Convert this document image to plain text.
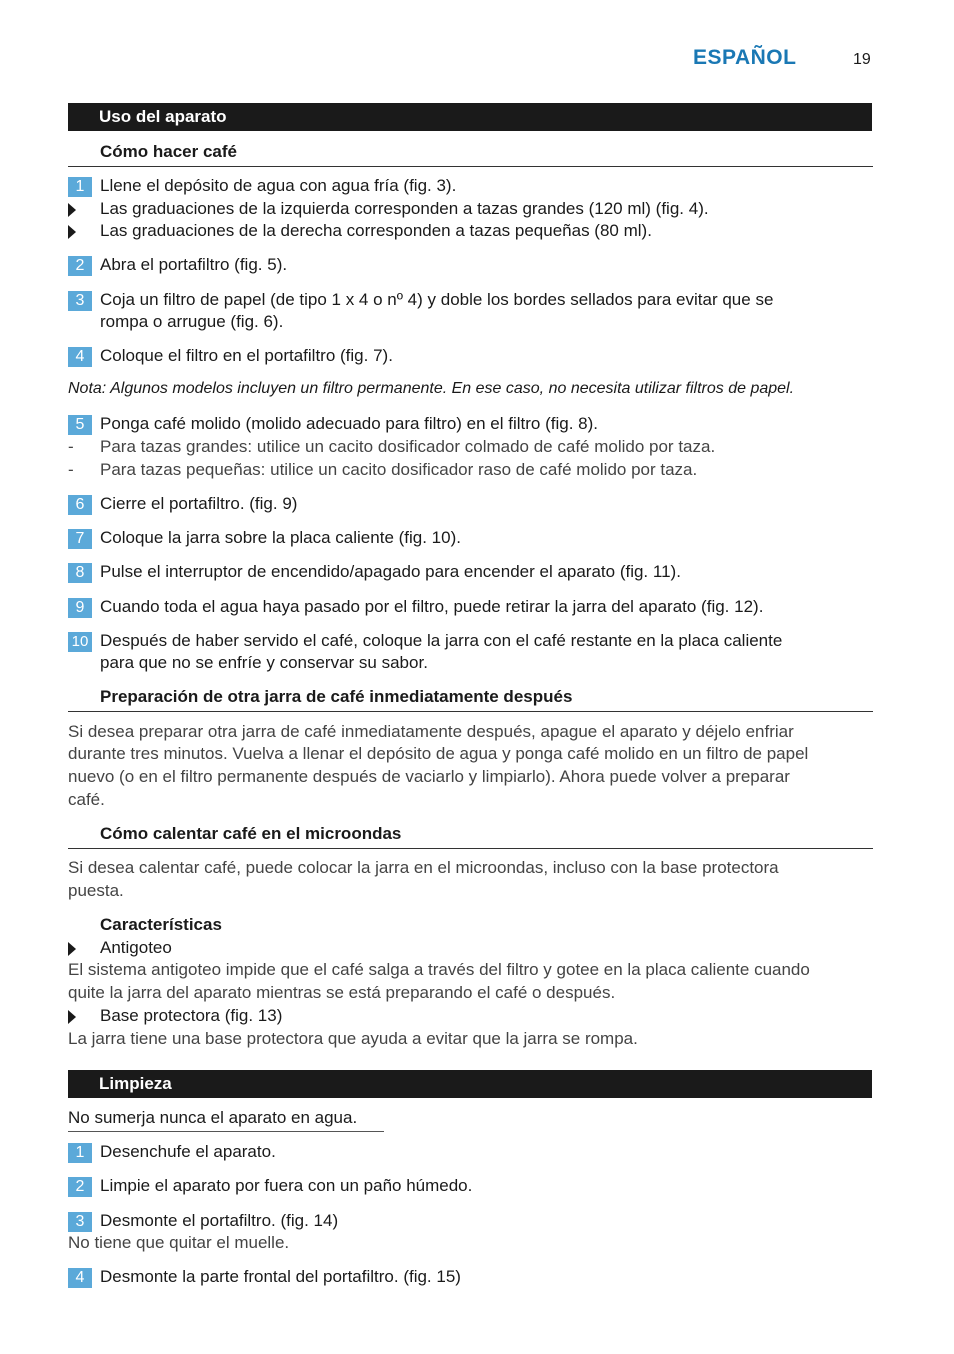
ESPAÑOL	19
Uso del aparato
Cómo hacer café
1 Llene el depósito de agua con agua fría (fig. 3).
Las graduaciones de la izquierda corresponden a tazas grandes (120 ml) (fig. 4).
Las graduaciones de la derecha corresponden a tazas pequeñas (80 ml).
2 Abra el portafiltro (fig. 5).
3 Coja un filtro de papel (de tipo 1 x 4 o nº 4) y doble los bordes sellados para evitar que se
rompa o arrugue (fig. 6).
4 Coloque el filtro en el portafiltro (fig. 7).
Nota: Algunos modelos incluyen un filtro permanente. En ese caso, no necesita utilizar filtros de papel.
5 Ponga café molido (molido adecuado para filtro) en el filtro (fig. 8).
- Para tazas grandes: utilice un cacito dosificador colmado de café molido por taza.
- Para tazas pequeñas: utilice un cacito dosificador raso de café molido por taza.
6 Cierre el portafiltro. (fig. 9)
7 Coloque la jarra sobre la placa caliente (fig. 10).
8 Pulse el interruptor de encendido/apagado para encender el aparato (fig. 11).
9 Cuando toda el agua haya pasado por el filtro, puede retirar la jarra del aparato (fig. 12).
10 Después de haber servido el café, coloque la jarra con el café restante en la placa caliente
para que no se enfríe y conservar su sabor.
Preparación de otra jarra de café inmediatamente después
Si desea preparar otra jarra de café inmediatamente después, apague el aparato y déjelo enfriar
durante tres minutos. Vuelva a llenar el depósito de agua y ponga café molido en un filtro de papel
nuevo (o en el filtro permanente después de vaciarlo y limpiarlo). Ahora puede volver a preparar
café.
Cómo calentar café en el microondas
Si desea calentar café, puede colocar la jarra en el microondas, incluso con la base protectora
puesta.
Características
Antigoteo
El sistema antigoteo impide que el café salga a través del filtro y gotee en la placa caliente cuando
quite la jarra del aparato mientras se está preparando el café o después.
Base protectora (fig. 13)
La jarra tiene una base protectora que ayuda a evitar que la jarra se rompa.
Limpieza
No sumerja nunca el aparato en agua.
1 Desenchufe el aparato.
2 Limpie el aparato por fuera con un paño húmedo.
3 Desmonte el portafiltro. (fig. 14)
No tiene que quitar el muelle.
4 Desmonte la parte frontal del portafiltro. (fig. 15)
